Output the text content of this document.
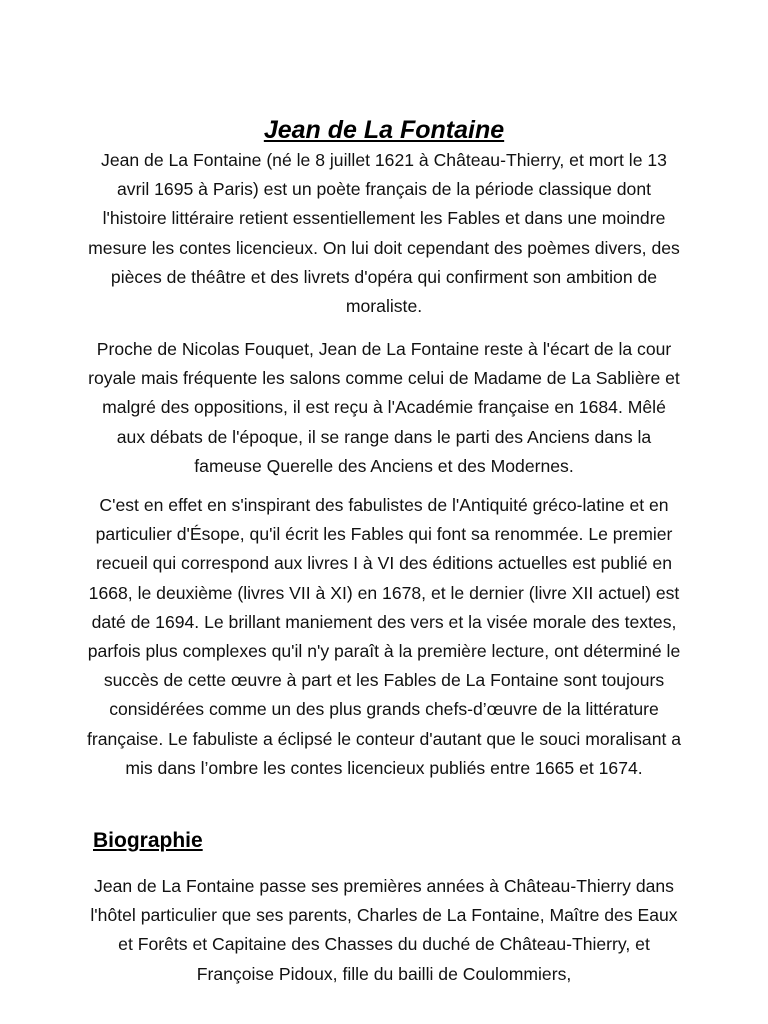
Jean de La Fontaine

Jean de La Fontaine (né le 8 juillet 1621 à Château-Thierry, et mort le 13 avril 1695 à Paris) est un poète français de la période classique dont l'histoire littéraire retient essentiellement les Fables et dans une moindre mesure les contes licencieux. On lui doit cependant des poèmes divers, des pièces de théâtre et des livrets d'opéra qui confirment son ambition de moraliste.

Proche de Nicolas Fouquet, Jean de La Fontaine reste à l'écart de la cour royale mais fréquente les salons comme celui de Madame de La Sablière et malgré des oppositions, il est reçu à l'Académie française en 1684. Mêlé aux débats de l'époque, il se range dans le parti des Anciens dans la fameuse Querelle des Anciens et des Modernes.

C'est en effet en s'inspirant des fabulistes de l'Antiquité gréco-latine et en particulier d'Ésope, qu'il écrit les Fables qui font sa renommée. Le premier recueil qui correspond aux livres I à VI des éditions actuelles est publié en 1668, le deuxième (livres VII à XI) en 1678, et le dernier (livre XII actuel) est daté de 1694. Le brillant maniement des vers et la visée morale des textes, parfois plus complexes qu'il n'y paraît à la première lecture, ont déterminé le succès de cette œuvre à part et les Fables de La Fontaine sont toujours considérées comme un des plus grands chefs-d’œuvre de la littérature française. Le fabuliste a éclipsé le conteur d'autant que le souci moralisant a mis dans l’ombre les contes licencieux publiés entre 1665 et 1674.

Biographie

Jean de La Fontaine passe ses premières années à Château-Thierry dans l'hôtel particulier que ses parents, Charles de La Fontaine, Maître des Eaux et Forêts et Capitaine des Chasses du duché de Château-Thierry, et Françoise Pidoux, fille du bailli de Coulommiers,
